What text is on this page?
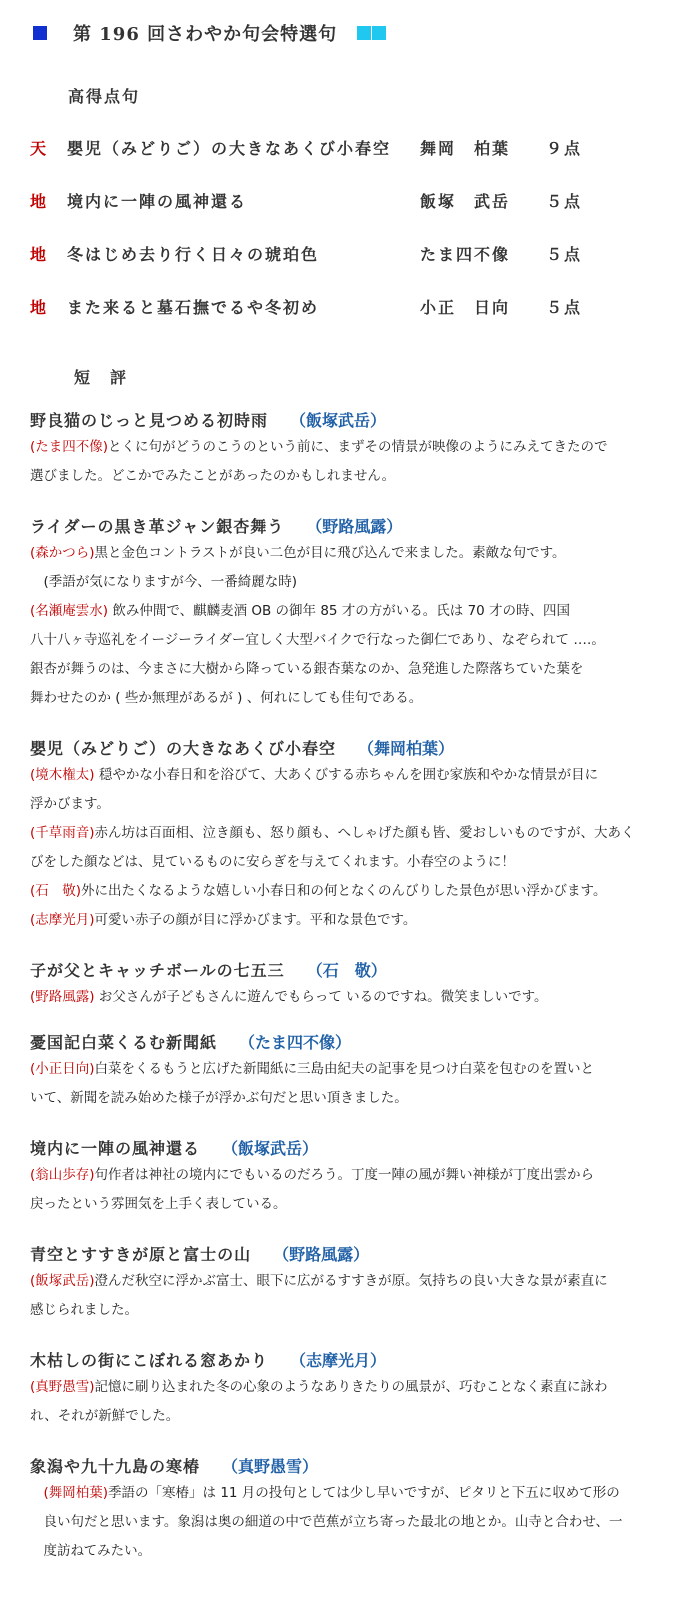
第 196 回さわやか句会特選句
高得点句
天 嬰児（みどりご）の大きなあくび小春空 舞岡　柏葉 ９点
地 境内に一陣の風神還る	飯塚　武岳 ５点
地 冬はじめ去り行く日々の琥珀色	たま四不像 ５点
地 また来ると墓石撫でるや冬初め	小正　日向 ５点
短　評
野良猫のじっと見つめる初時雨 （飯塚武岳）
(たま四不像)とくに句がどうのこうのという前に、まずその情景が映像のようにみえてきたので
選びました。どこかでみたことがあったのかもしれません。
ライダーの黒き革ジャン銀杏舞う （野路風露）
(森かつら)黒と金色コントラストが良い二色が目に飛び込んで来ました。素敵な句です。
　(季語が気になりますが今、一番綺麗な時)
(名瀬庵雲水) 飲み仲間で、麒麟麦酒 OB の御年 85 才の方がいる。氏は 70 才の時、四国
八十八ヶ寺巡礼をイージーライダー宜しく大型バイクで行なった御仁であり、なぞられて ‥‥。
銀杏が舞うのは、今まさに大樹から降っている銀杏葉なのか、急発進した際落ちていた葉を
舞わせたのか ( 些か無理があるが ) 、何れにしても佳句である。
嬰児（みどりご）の大きなあくび小春空 （舞岡柏葉）
(境木権太) 穏やかな小春日和を浴びて、大あくびする赤ちゃんを囲む家族和やかな情景が目に
浮かびます。
(千草雨音)赤ん坊は百面相、泣き顔も、怒り顔も、へしゃげた顔も皆、愛おしいものですが、大あく
びをした顔などは、見ているものに安らぎを与えてくれます。小春空のように！
(石　敬)外に出たくなるような嬉しい小春日和の何となくのんびりした景色が思い浮かびます。
(志摩光月)可愛い赤子の顔が目に浮かびます。平和な景色です。
子が父とキャッチボールの七五三 （石　敬）
(野路風露) お父さんが子どもさんに遊んでもらって いるのですね。微笑ましいです。
憂国記白菜くるむ新聞紙 （たま四不像）
(小正日向)白菜をくるもうと広げた新聞紙に三島由紀夫の記事を見つけ白菜を包むのを置いと
いて、新聞を読み始めた様子が浮かぶ句だと思い頂きました。
境内に一陣の風神還る （飯塚武岳）
(翁山歩存)句作者は神社の境内にでもいるのだろう。丁度一陣の風が舞い神様が丁度出雲から
戻ったという雰囲気を上手く表している。
青空とすすきが原と富士の山 （野路風露）
(飯塚武岳)澄んだ秋空に浮かぶ富士、眼下に広がるすすきが原。気持ちの良い大きな景が素直に
感じられました。
木枯しの街にこぼれる窓あかり （志摩光月）
(真野愚雪)記憶に刷り込まれた冬の心象のようなありきたりの風景が、巧むことなく素直に詠わ
れ、それが新鮮でした。
象潟や九十九島の寒椿 （真野愚雪）
　(舞岡柏葉)季語の「寒椿」は 11 月の投句としては少し早いですが、ピタリと下五に収めて形の
　良い句だと思います。象潟は奥の細道の中で芭蕉が立ち寄った最北の地とか。山寺と合わせ、一
　度訪ねてみたい。
